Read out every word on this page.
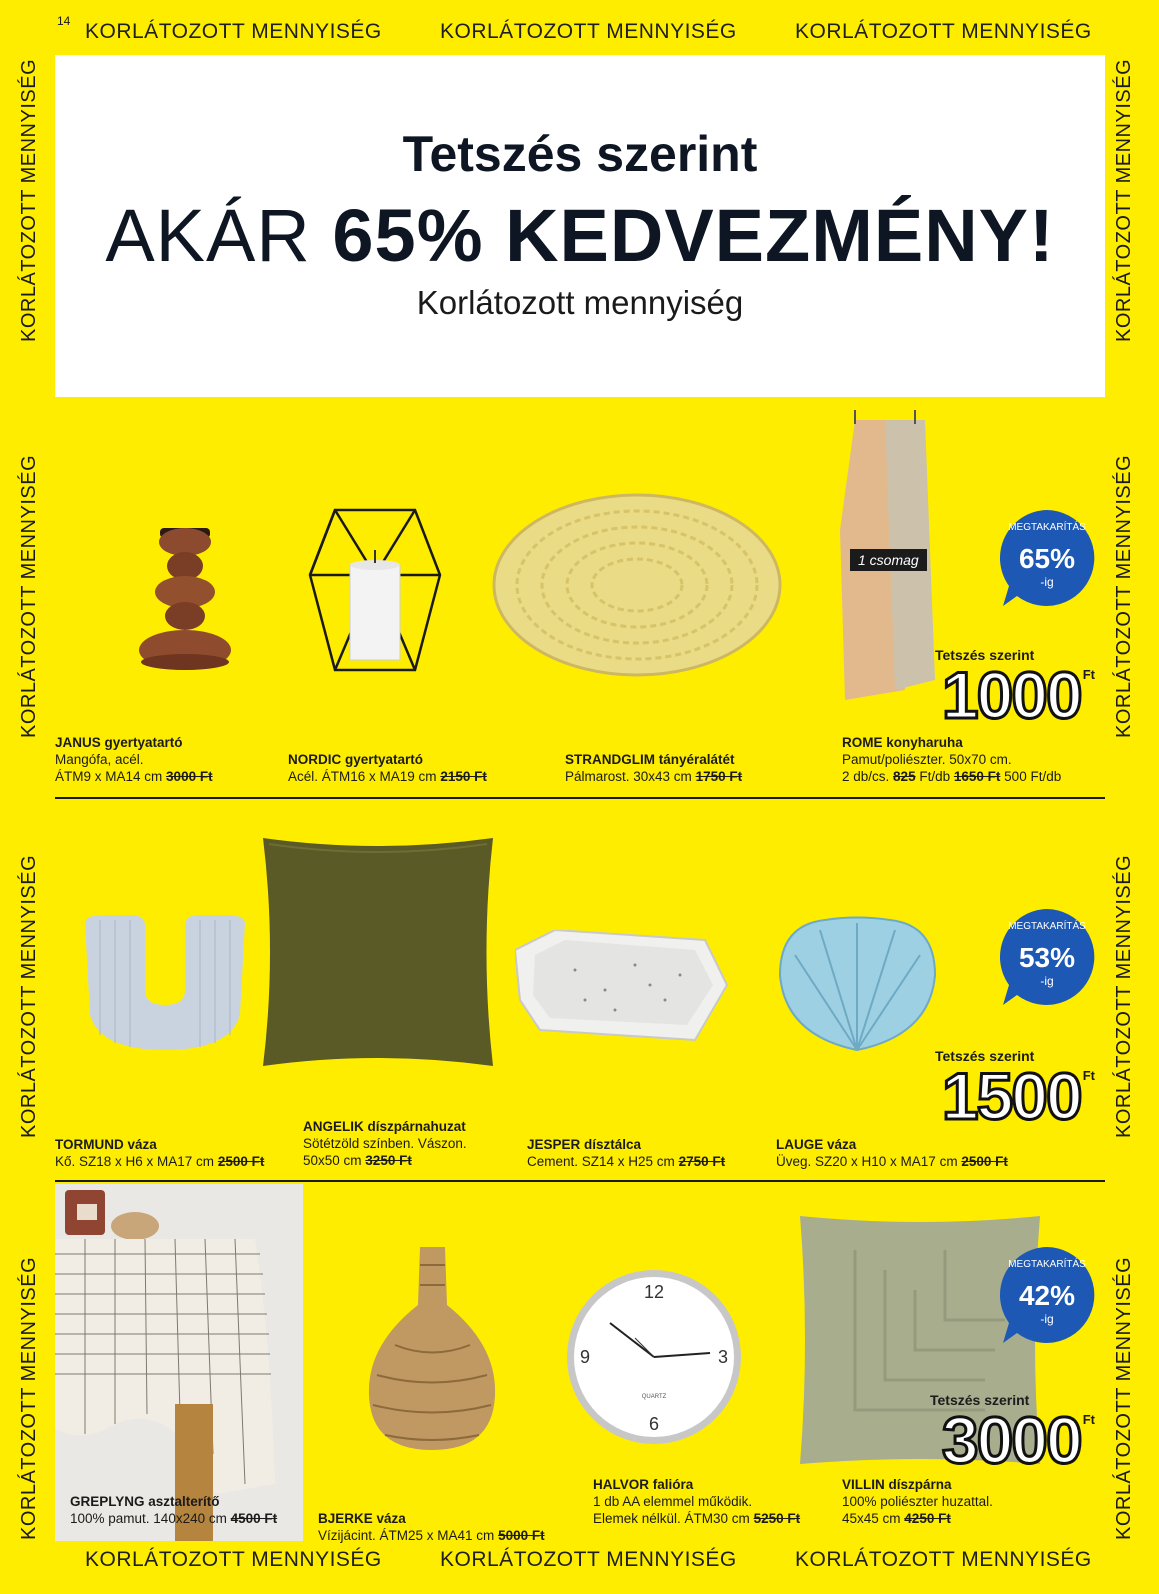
14 KORLÁTOZOTT MENNYISÉG	KORLÁTOZOTT MENNYISÉG	KORLÁTOZOTT MENNYISÉG
KORLÁTOZOTT MENNYISÉG	KORLÁTOZOTT MENNYISÉG	KORLÁTOZOTT MENNYISÉG
KORLÁTOZOTT MENNYISÉG
KORLÁTOZOTT MENNYISÉG
KORLÁTOZOTT MENNYISÉG
KORLÁTOZOTT MENNYISÉG
KORLÁTOZOTT MENNYISÉG
KORLÁTOZOTT MENNYISÉG
KORLÁTOZOTT MENNYISÉG
KORLÁTOZOTT MENNYISÉG
Tetszés szerint
AKÁR 65% KEDVEZMÉNY!
Korlátozott mennyiség
1 csomag	65%
-ig
MEGTAKARÍTÁS
Tetszés szerint
1000 Ft
JANUS gyertyatartó
Mangófa, acél.
ÁTM9 x MA14 cm 3000 Ft
NORDIC gyertyatartó
Acél. ÁTM16 x MA19 cm 2150 Ft
STRANDGLIM tányéralátét
Pálmarost. 30x43 cm 1750 Ft
ROME konyharuha
Pamut/poliészter. 50x70 cm.
2 db/cs. 825 Ft/db 1650 Ft 500 Ft/db
53%
-ig
MEGTAKARÍTÁS
Tetszés szerint
1500 Ft
TORMUND váza
Kő. SZ18 x H6 x MA17 cm 2500 Ft
ANGELIK díszpárnahuzat
Sötétzöld színben. Vászon.
50x50 cm 3250 Ft
JESPER dísztálca
Cement. SZ14 x H25 cm 2750 Ft
LAUGE váza
Üveg. SZ20 x H10 x MA17 cm 2500 Ft
12
3
6
9
QUARTZ
42%
-ig
MEGTAKARÍTÁS
Tetszés szerint
3000 Ft
GREPLYNG asztalterítő
100% pamut. 140x240 cm 4500 Ft	BJERKE váza
Vízijácint. ÁTM25 x MA41 cm 5000 Ft
HALVOR falióra
1 db AA elemmel működik.
Elemek nélkül. ÁTM30 cm 5250 Ft
VILLIN díszpárna
100% poliészter huzattal.
45x45 cm 4250 Ft
